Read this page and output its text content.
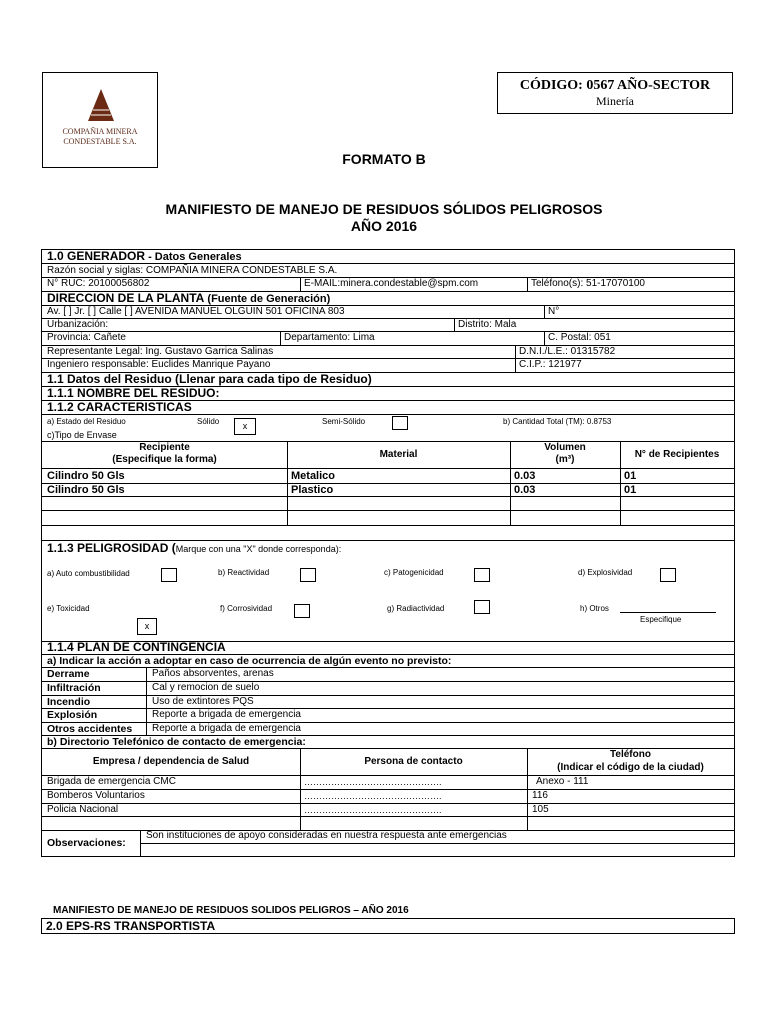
COMPAÑIA MINERA
CONDESTABLE S.A.
CÓDIGO: 0567 AÑO-SECTOR
Minería
FORMATO B
MANIFIESTO DE MANEJO DE RESIDUOS SÓLIDOS PELIGROSOS
AÑO 2016
1.0 GENERADOR - Datos Generales
Razón social y siglas: COMPAÑIA MINERA CONDESTABLE S.A.
N° RUC: 20100056802	E-MAIL:minera.condestable@spm.com	Teléfono(s): 51-17070100
DIRECCION DE LA PLANTA (Fuente de Generación)
Av. [ ] Jr. [ ] Calle [ ] AVENIDA MANUEL OLGUIN 501 OFICINA 803	N°
Urbanización:	Distrito: Mala
Provincia: Cañete	Departamento: Lima	C. Postal: 051
Representante Legal: Ing. Gustavo Garrica Salinas	D.N.I./L.E.: 01315782
Ingeniero responsable: Euclides Manrique Payano	C.I.P.: 121977
1.1 Datos del Residuo (Llenar para cada tipo de Residuo)
1.1.1 NOMBRE DEL RESIDUO:
1.1.2 CARACTERISTICAS
a) Estado del Residuo	Sólido	x	Semi-Sólido	b) Cantidad Total (TM): 0.8753
c)Tipo de Envase
Recipiente
(Especifique la forma)	Material
Volumen
(m³)	N° de Recipientes
Cilindro 50 Gls	Metalico	0.03	01
Cilindro 50 Gls	Plastico	0.03	01
1.1.3 PELIGROSIDAD (Marque con una "X" donde corresponda):
a) Auto combustibilidad	b) Reactividad	c) Patogenicidad	d) Explosividad
e) Toxicidad
x
f) Corrosividad	g) Radiactividad	h) Otros
Especifique
1.1.4 PLAN DE CONTINGENCIA
a) Indicar la acción a adoptar en caso de ocurrencia de algún evento no previsto:
Derrame	Paños absorventes, arenas
Infiltración	Cal y remocion de suelo
Incendio	Uso de extintores PQS
Explosión	Reporte a brigada de emergencia
Otros accidentes Reporte a brigada de emergencia
b) Directorio Telefónico de contacto de emergencia:
Empresa / dependencia de Salud	Persona de contacto
Teléfono
(Indicar el código de la ciudad)
Brigada de emergencia CMC	……………………………………….	Anexo - 111
Bomberos Voluntarios	……………………………………….	116
Policia Nacional	……………………………………….	105
Observaciones:
Son instituciones de apoyo consideradas en nuestra respuesta ante emergencias
MANIFIESTO DE MANEJO DE RESIDUOS SOLIDOS PELIGROS – AÑO 2016
2.0 EPS-RS TRANSPORTISTA
